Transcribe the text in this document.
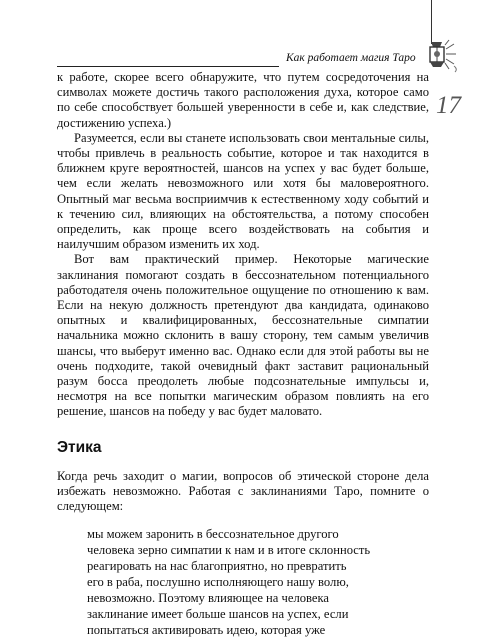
Как работает магия Таро
17

к работе, скорее всего обнаружите, что путем сосредоточения на символах можете достичь такого расположения духа, которое само по себе способствует большей уверенности в себе и, как следствие, достижению успеха.)

Разумеется, если вы станете использовать свои ментальные силы, чтобы привлечь в реальность событие, которое и так находится в ближнем круге вероятностей, шансов на успех у вас будет больше, чем если желать невозможного или хотя бы маловероятного. Опытный маг весьма восприимчив к естественному ходу событий и к течению сил, влияющих на обстоятельства, а потому способен определить, как проще всего воздействовать на события и наилучшим образом изменить их ход.

Вот вам практический пример. Некоторые магические заклинания помогают создать в бессознательном потенциального работодателя очень положительное ощущение по отношению к вам. Если на некую должность претендуют два кандидата, одинаково опытных и квалифицированных, бессознательные симпатии начальника можно склонить в вашу сторону, тем самым увеличив шансы, что выберут именно вас. Однако если для этой работы вы не очень подходите, такой очевидный факт заставит рациональный разум босса преодолеть любые подсознательные импульсы и, несмотря на все попытки магическим образом повлиять на его решение, шансов на победу у вас будет маловато.

Этика

Когда речь заходит о магии, вопросов об этической стороне дела избежать невозможно. Работая с заклинаниями Таро, помните о следующем:

мы можем заронить в бессознательное другого
человека зерно симпатии к нам и в итоге склонность
реагировать на нас благоприятно, но превратить
его в раба, послушно исполняющего нашу волю,
невозможно. Поэтому влияющее на человека
заклинание имеет больше шансов на успех, если
попытаться активировать идею, которая уже
